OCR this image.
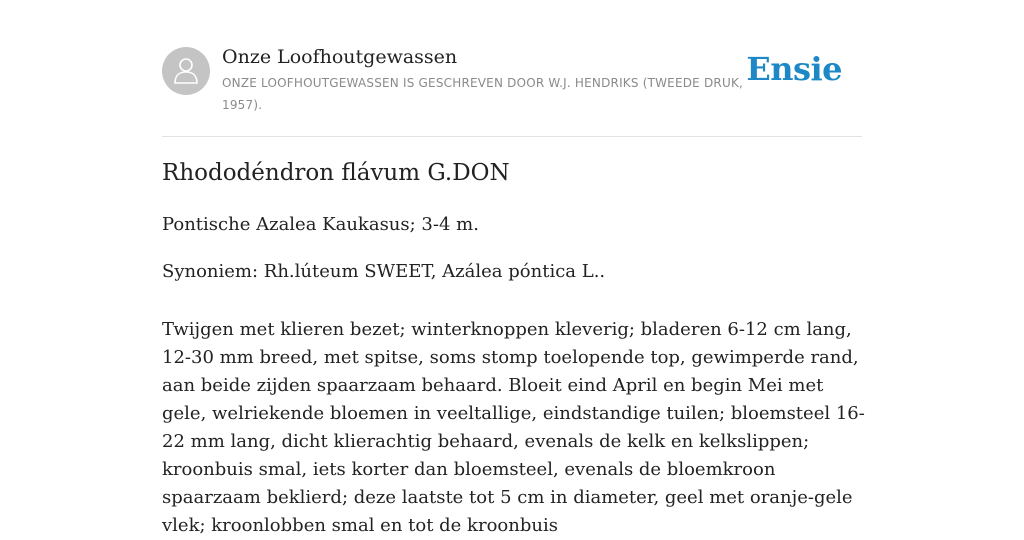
Onze Loofhoutgewassen
ONZE LOOFHOUTGEWASSEN IS GESCHREVEN DOOR W.J. HENDRIKS (TWEEDE DRUK, 1957).
Ensie
Rhododéndron flávum G.DON

Pontische Azalea Kaukasus; 3-4 m.

Synoniem: Rh.lúteum SWEET, Azálea póntica L..

Twijgen met klieren bezet; winterknoppen kleverig; bladeren 6-12 cm lang, 12-30 mm breed, met spitse, soms stomp toelopende top, gewimperde rand, aan beide zijden spaarzaam behaard. Bloeit eind April en begin Mei met gele, welriekende bloemen in veeltallige, eindstandige tuilen; bloemsteel 16-22 mm lang, dicht klierachtig behaard, evenals de kelk en kelkslippen; kroonbuis smal, iets korter dan bloemsteel, evenals de bloemkroon spaarzaam beklierd; deze laatste tot 5 cm in diameter, geel met oranje-gele vlek; kroonlobben smal en tot de kroonbuis
